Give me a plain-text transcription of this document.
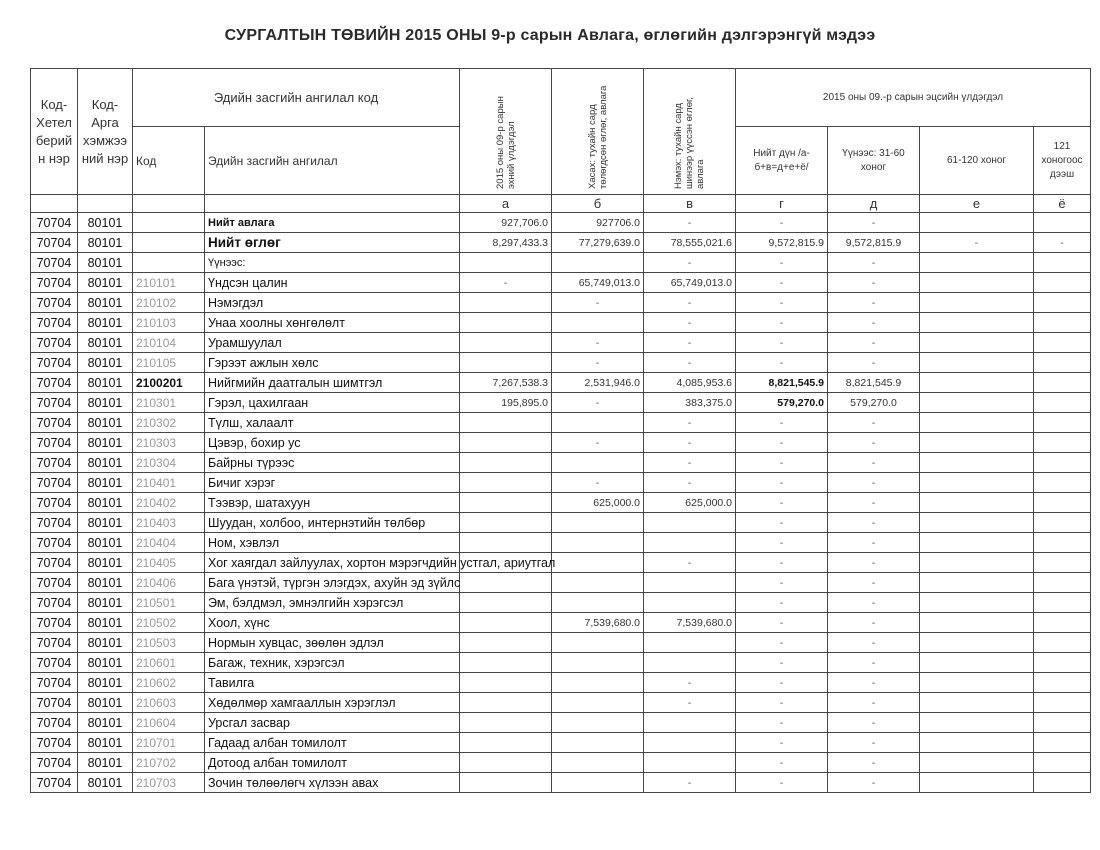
СУРГАЛТЫН ТӨВИЙН 2015 ОНЫ 9-р сарын Авлага, өглөгийн дэлгэрэнгүй мэдээ
Код-Хетел берий н нэр	Код-Арга хэмжээ ний нэр	Эдийн засгийн ангилал код		2015 оны 09-р сарын эхний үлдэгдэл	Хасах: тухайн сард төлөгдсөн өглөг, авлага	Нэмэх: тухайн сард шинээр үүссэн өглөг, авлага	2015 оны 09.-р сарын эцсийн үлдэгдэл			
		Код	Эдийн засгийн ангилал				Нийт дүн /а-б+в=д+е+ё/	Үүнээс: 31-60 хоног	61-120 хоног	121 хоногоос дээш
				а	б	в	г	д	е	ё
70704	80101		Нийт авлага	927,706.0	927706.0	-	-	-		
70704	80101		Нийт өглөг	8,297,433.3	77,279,639.0	78,555,021.6	9,572,815.9	9,572,815.9	-	-
70704	80101		Үүнээс:			-	-	-		
70704	80101	210101	Үндсэн цалин	-	65,749,013.0	65,749,013.0	-	-		
70704	80101	210102	Нэмэгдэл		-	-	-	-		
70704	80101	210103	Унаа хоолны хөнгөлөлт			-	-	-		
70704	80101	210104	Урамшуулал		-	-	-	-		
70704	80101	210105	Гэрээт ажлын хөлс		-	-	-	-		
70704	80101	2100201	Нийгмийн даатгалын шимтгэл	7,267,538.3	2,531,946.0	4,085,953.6	8,821,545.9	8,821,545.9		
70704	80101	210301	Гэрэл, цахилгаан	195,895.0	-	383,375.0	579,270.0	579,270.0		
70704	80101	210302	Түлш, халаалт			-	-	-		
70704	80101	210303	Цэвэр, бохир ус		-	-	-	-		
70704	80101	210304	Байрны түрээс			-	-	-		
70704	80101	210401	Бичиг хэрэг		-	-	-	-		
70704	80101	210402	Тээвэр, шатахуун		625,000.0	625,000.0	-	-		
70704	80101	210403	Шуудан, холбоо, интернэтийн төлбөр				-	-		
70704	80101	210404	Ном, хэвлэл				-	-		
70704	80101	210405	Хог хаягдал зайлуулах, хортон мэрэгчдийн устгал, ариутгал			-	-	-		
70704	80101	210406	Бага үнэтэй, түргэн элэгдэх, ахуйн эд зүйлс				-	-		
70704	80101	210501	Эм, бэлдмэл, эмнэлгийн хэрэгсэл				-	-		
70704	80101	210502	Хоол, хүнс		7,539,680.0	7,539,680.0	-	-		
70704	80101	210503	Нормын хувцас, зөөлөн эдлэл				-	-		
70704	80101	210601	Багаж, техник, хэрэгсэл				-	-		
70704	80101	210602	Тавилга			-	-	-		
70704	80101	210603	Хөдөлмөр хамгааллын хэрэглэл			-	-	-		
70704	80101	210604	Урсгал засвар				-	-		
70704	80101	210701	Гадаад албан томилолт				-	-		
70704	80101	210702	Дотоод албан томилолт				-	-		
70704	80101	210703	Зочин төлөөлөгч хүлээн авах			-	-	-		
